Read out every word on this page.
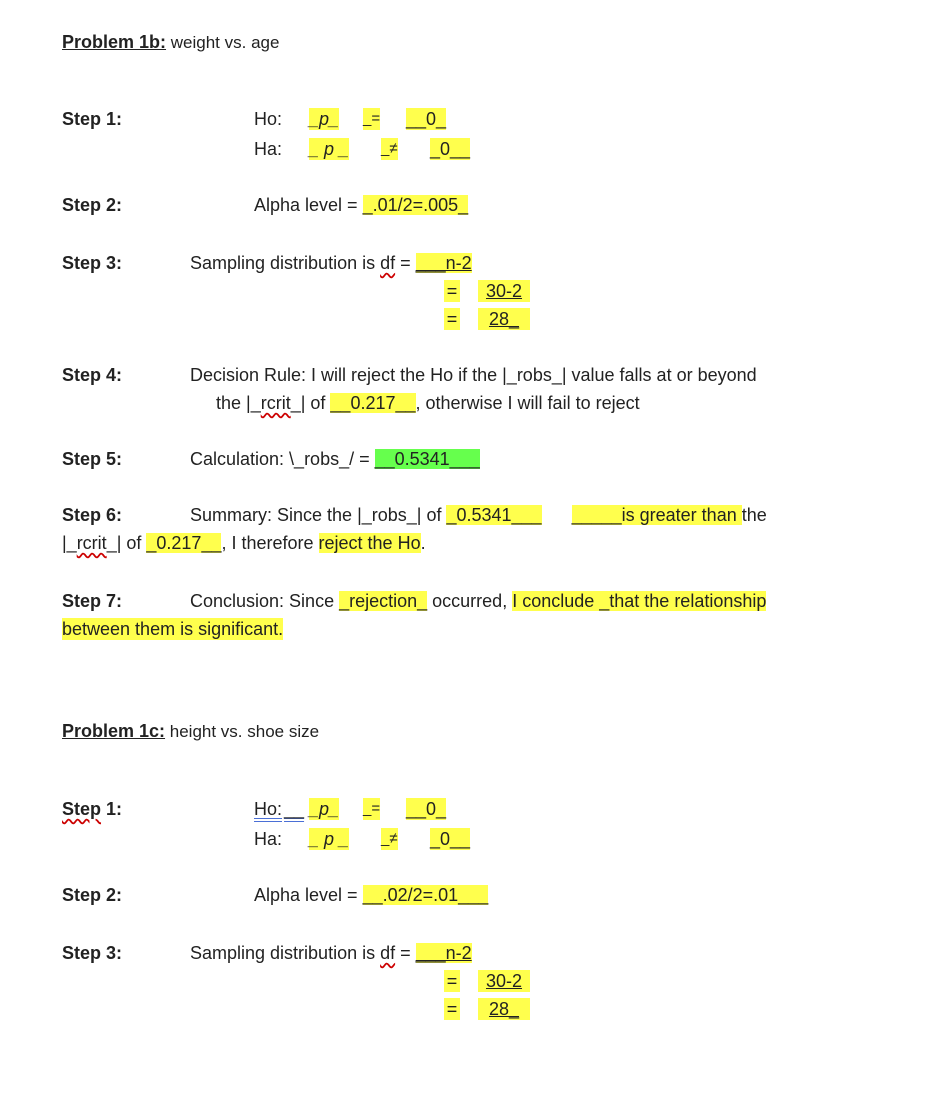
Problem 1b: weight vs. age
Step 1:	Ho: _p_ _= __0_
Ha: _ p _ _≠ _0__
Step 2:	Alpha level = _.01/2=.005_
Step 3:	Sampling distribution is df = ___n-2
=	30-2
=	28_
Step 4:	Decision Rule: I will reject the Ho if the |_robs_| value falls at or beyond
the |_rcrit_| of __0.217__, otherwise I will fail to reject
Step 5:	Calculation: \_robs_/ = __0.5341___
Step 6:	Summary: Since the |_robs_| of _0.5341___ _____is greater than the
|_rcrit_| of _0.217__, I therefore reject the Ho.
Step 7:	Conclusion: Since _rejection_ occurred, I conclude _that the relationship
between them is significant.
Problem 1c: height vs. shoe size
Step 1:	Ho: __ _p_ _= __0_
Ha: _ p _ _≠ _0__
Step 2:	Alpha level = __.02/2=.01___
Step 3:	Sampling distribution is df = ___n-2
=	30-2
=	28_
